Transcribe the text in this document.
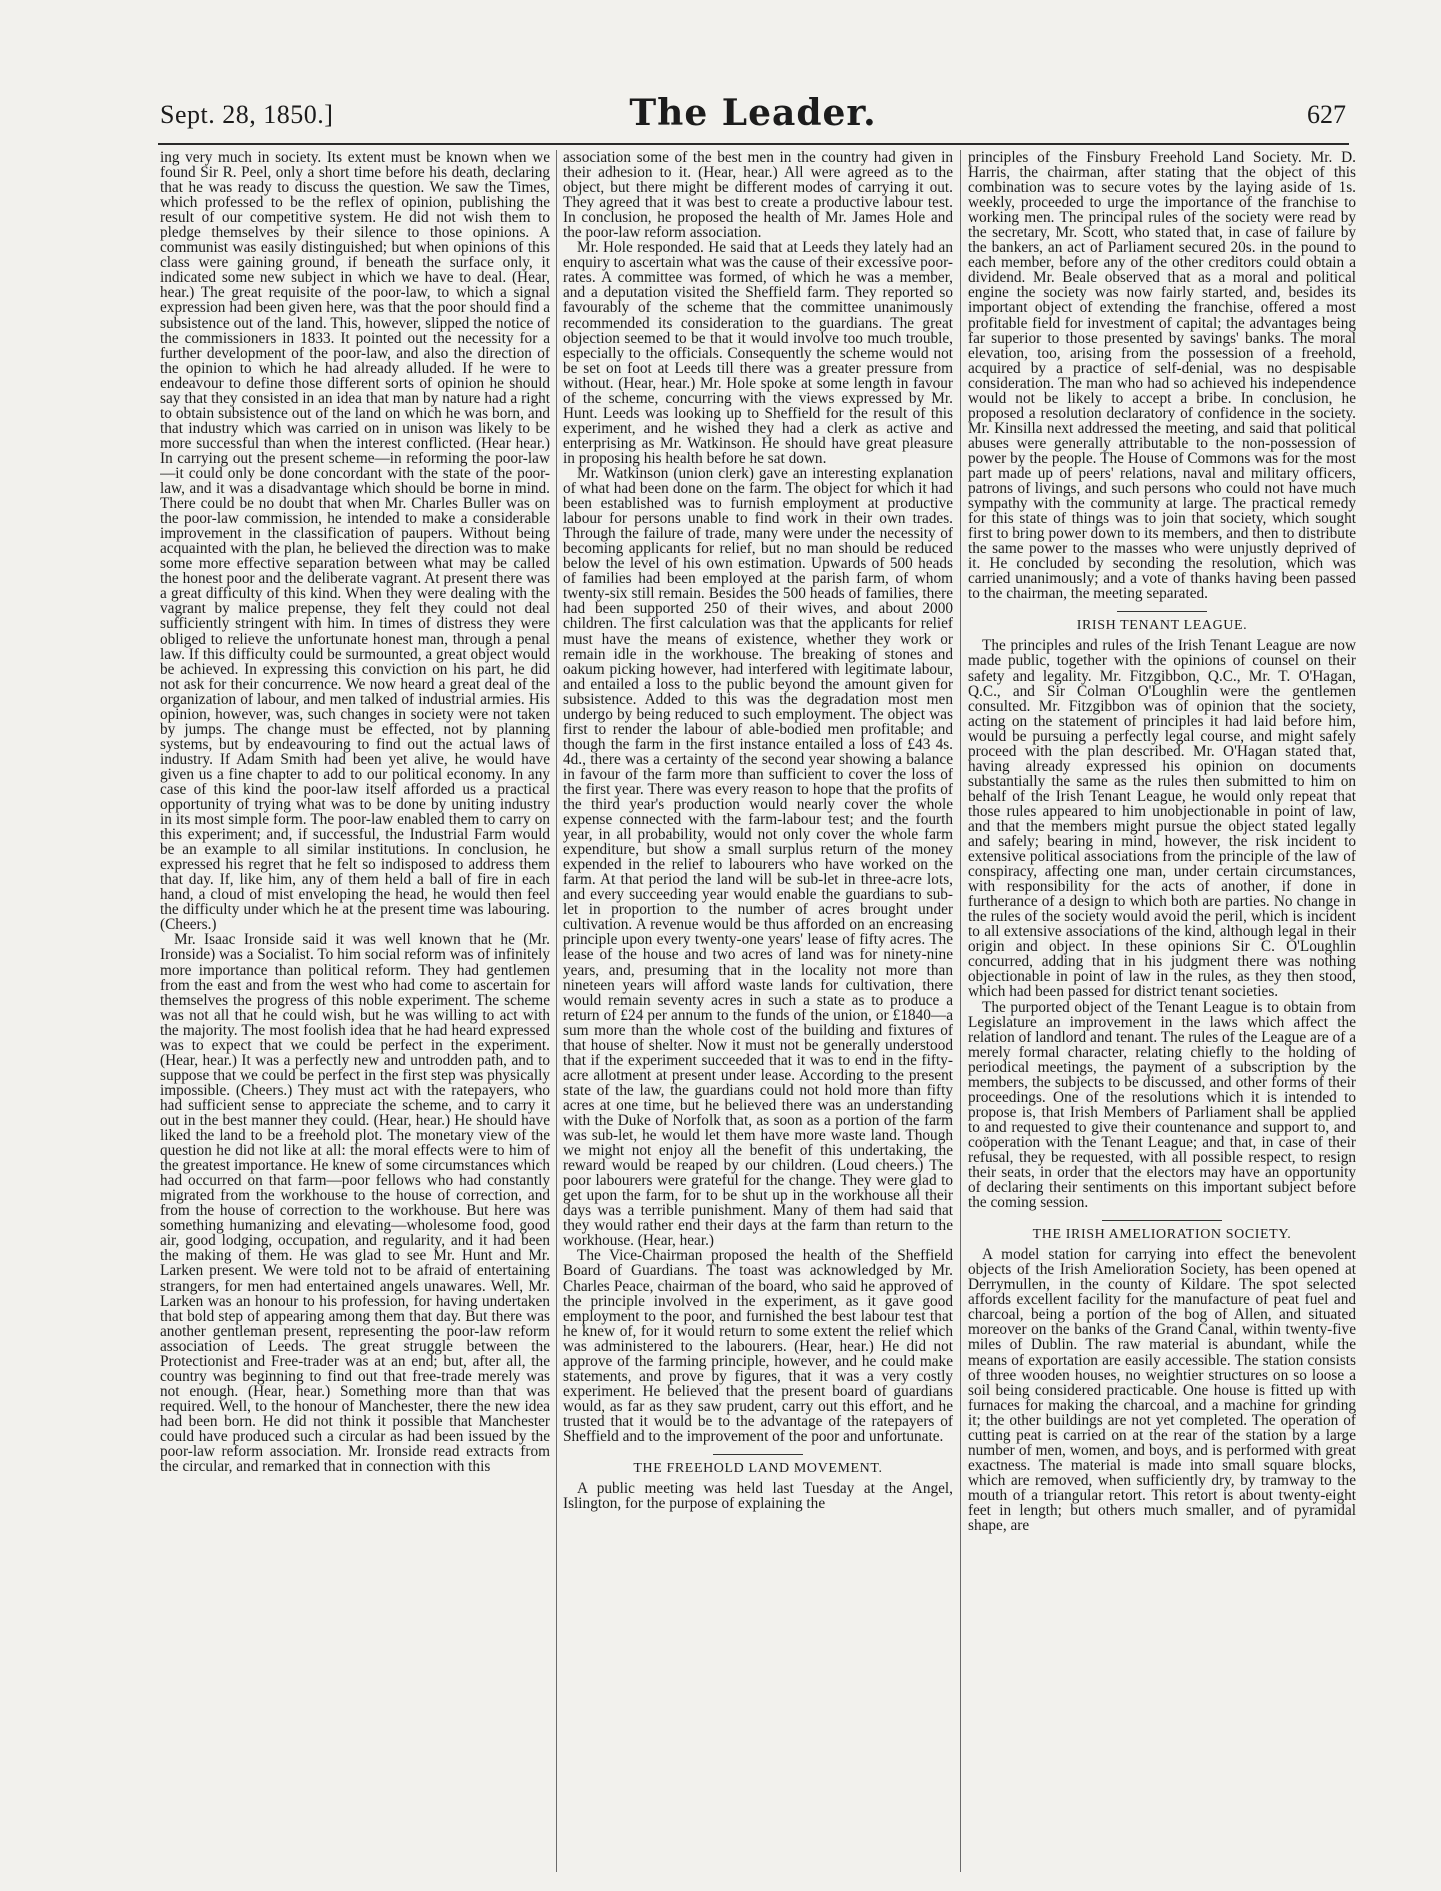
Sept. 28, 1850.]	The Leader.	627

ing very much in society. Its extent must be known when we found Sir R. Peel, only a short time before his death, declaring that he was ready to discuss the question. We saw the Times, which professed to be the reflex of opinion, publishing the result of our competitive system. He did not wish them to pledge themselves by their silence to those opinions. A communist was easily distinguished; but when opinions of this class were gaining ground, if beneath the surface only, it indicated some new subject in which we have to deal. (Hear, hear.) The great requisite of the poor-law, to which a signal expression had been given here, was that the poor should find a subsistence out of the land. This, however, slipped the notice of the commissioners in 1833. It pointed out the necessity for a further development of the poor-law, and also the direction of the opinion to which he had already alluded. If he were to endeavour to define those different sorts of opinion he should say that they consisted in an idea that man by nature had a right to obtain subsistence out of the land on which he was born, and that industry which was carried on in unison was likely to be more successful than when the interest conflicted. (Hear hear.) In carrying out the present scheme—in reforming the poor-law—it could only be done concordant with the state of the poor-law, and it was a disadvantage which should be borne in mind. There could be no doubt that when Mr. Charles Buller was on the poor-law commission, he intended to make a considerable improvement in the classification of paupers. Without being acquainted with the plan, he believed the direction was to make some more effective separation between what may be called the honest poor and the deliberate vagrant. At present there was a great difficulty of this kind. When they were dealing with the vagrant by malice prepense, they felt they could not deal sufficiently stringent with him. In times of distress they were obliged to relieve the unfortunate honest man, through a penal law. If this difficulty could be surmounted, a great object would be achieved. In expressing this conviction on his part, he did not ask for their concurrence. We now heard a great deal of the organization of labour, and men talked of industrial armies. His opinion, however, was, such changes in society were not taken by jumps. The change must be effected, not by planning systems, but by endeavouring to find out the actual laws of industry. If Adam Smith had been yet alive, he would have given us a fine chapter to add to our political economy. In any case of this kind the poor-law itself afforded us a practical opportunity of trying what was to be done by uniting industry in its most simple form. The poor-law enabled them to carry on this experiment; and, if successful, the Industrial Farm would be an example to all similar institutions. In conclusion, he expressed his regret that he felt so indisposed to address them that day. If, like him, any of them held a ball of fire in each hand, a cloud of mist enveloping the head, he would then feel the difficulty under which he at the present time was labouring. (Cheers.)

Mr. Isaac Ironside said it was well known that he (Mr. Ironside) was a Socialist. To him social reform was of infinitely more importance than political reform. They had gentlemen from the east and from the west who had come to ascertain for themselves the progress of this noble experiment. The scheme was not all that he could wish, but he was willing to act with the majority. The most foolish idea that he had heard expressed was to expect that we could be perfect in the experiment. (Hear, hear.) It was a perfectly new and untrodden path, and to suppose that we could be perfect in the first step was physically impossible. (Cheers.) They must act with the ratepayers, who had sufficient sense to appreciate the scheme, and to carry it out in the best manner they could. (Hear, hear.) He should have liked the land to be a freehold plot. The monetary view of the question he did not like at all: the moral effects were to him of the greatest importance. He knew of some circumstances which had occurred on that farm—poor fellows who had constantly migrated from the workhouse to the house of correction, and from the house of correction to the workhouse. But here was something humanizing and elevating—wholesome food, good air, good lodging, occupation, and regularity, and it had been the making of them. He was glad to see Mr. Hunt and Mr. Larken present. We were told not to be afraid of entertaining strangers, for men had entertained angels unawares. Well, Mr. Larken was an honour to his profession, for having undertaken that bold step of appearing among them that day. But there was another gentleman present, representing the poor-law reform association of Leeds. The great struggle between the Protectionist and Free-trader was at an end; but, after all, the country was beginning to find out that free-trade merely was not enough. (Hear, hear.) Something more than that was required. Well, to the honour of Manchester, there the new idea had been born. He did not think it possible that Manchester could have produced such a circular as had been issued by the poor-law reform association. Mr. Ironside read extracts from the circular, and remarked that in connection with this

association some of the best men in the country had given in their adhesion to it. (Hear, hear.) All were agreed as to the object, but there might be different modes of carrying it out. They agreed that it was best to create a productive labour test. In conclusion, he proposed the health of Mr. James Hole and the poor-law reform association.

Mr. Hole responded. He said that at Leeds they lately had an enquiry to ascertain what was the cause of their excessive poor-rates. A committee was formed, of which he was a member, and a deputation visited the Sheffield farm. They reported so favourably of the scheme that the committee unanimously recommended its consideration to the guardians. The great objection seemed to be that it would involve too much trouble, especially to the officials. Consequently the scheme would not be set on foot at Leeds till there was a greater pressure from without. (Hear, hear.) Mr. Hole spoke at some length in favour of the scheme, concurring with the views expressed by Mr. Hunt. Leeds was looking up to Sheffield for the result of this experiment, and he wished they had a clerk as active and enterprising as Mr. Watkinson. He should have great pleasure in proposing his health before he sat down.

Mr. Watkinson (union clerk) gave an interesting explanation of what had been done on the farm. The object for which it had been established was to furnish employment at productive labour for persons unable to find work in their own trades. Through the failure of trade, many were under the necessity of becoming applicants for relief, but no man should be reduced below the level of his own estimation. Upwards of 500 heads of families had been employed at the parish farm, of whom twenty-six still remain. Besides the 500 heads of families, there had been supported 250 of their wives, and about 2000 children. The first calculation was that the applicants for relief must have the means of existence, whether they work or remain idle in the workhouse. The breaking of stones and oakum picking however, had interfered with legitimate labour, and entailed a loss to the public beyond the amount given for subsistence. Added to this was the degradation most men undergo by being reduced to such employment. The object was first to render the labour of able-bodied men profitable; and though the farm in the first instance entailed a loss of £43 4s. 4d., there was a certainty of the second year showing a balance in favour of the farm more than sufficient to cover the loss of the first year. There was every reason to hope that the profits of the third year's production would nearly cover the whole expense connected with the farm-labour test; and the fourth year, in all probability, would not only cover the whole farm expenditure, but show a small surplus return of the money expended in the relief to labourers who have worked on the farm. At that period the land will be sub-let in three-acre lots, and every succeeding year would enable the guardians to sub-let in proportion to the number of acres brought under cultivation. A revenue would be thus afforded on an encreasing principle upon every twenty-one years' lease of fifty acres. The lease of the house and two acres of land was for ninety-nine years, and, presuming that in the locality not more than nineteen years will afford waste lands for cultivation, there would remain seventy acres in such a state as to produce a return of £24 per annum to the funds of the union, or £1840—a sum more than the whole cost of the building and fixtures of that house of shelter. Now it must not be generally understood that if the experiment succeeded that it was to end in the fifty-acre allotment at present under lease. According to the present state of the law, the guardians could not hold more than fifty acres at one time, but he believed there was an understanding with the Duke of Norfolk that, as soon as a portion of the farm was sub-let, he would let them have more waste land. Though we might not enjoy all the benefit of this undertaking, the reward would be reaped by our children. (Loud cheers.) The poor labourers were grateful for the change. They were glad to get upon the farm, for to be shut up in the workhouse all their days was a terrible punishment. Many of them had said that they would rather end their days at the farm than return to the workhouse. (Hear, hear.)

The Vice-Chairman proposed the health of the Sheffield Board of Guardians. The toast was acknowledged by Mr. Charles Peace, chairman of the board, who said he approved of the principle involved in the experiment, as it gave good employment to the poor, and furnished the best labour test that he knew of, for it would return to some extent the relief which was administered to the labourers. (Hear, hear.) He did not approve of the farming principle, however, and he could make statements, and prove by figures, that it was a very costly experiment. He believed that the present board of guardians would, as far as they saw prudent, carry out this effort, and he trusted that it would be to the advantage of the ratepayers of Sheffield and to the improvement of the poor and unfortunate.

THE FREEHOLD LAND MOVEMENT.

A public meeting was held last Tuesday at the Angel, Islington, for the purpose of explaining the

principles of the Finsbury Freehold Land Society. Mr. D. Harris, the chairman, after stating that the object of this combination was to secure votes by the laying aside of 1s. weekly, proceeded to urge the importance of the franchise to working men. The principal rules of the society were read by the secretary, Mr. Scott, who stated that, in case of failure by the bankers, an act of Parliament secured 20s. in the pound to each member, before any of the other creditors could obtain a dividend. Mr. Beale observed that as a moral and political engine the society was now fairly started, and, besides its important object of extending the franchise, offered a most profitable field for investment of capital; the advantages being far superior to those presented by savings' banks. The moral elevation, too, arising from the possession of a freehold, acquired by a practice of self-denial, was no despisable consideration. The man who had so achieved his independence would not be likely to accept a bribe. In conclusion, he proposed a resolution declaratory of confidence in the society. Mr. Kinsilla next addressed the meeting, and said that political abuses were generally attributable to the non-possession of power by the people. The House of Commons was for the most part made up of peers' relations, naval and military officers, patrons of livings, and such persons who could not have much sympathy with the community at large. The practical remedy for this state of things was to join that society, which sought first to bring power down to its members, and then to distribute the same power to the masses who were unjustly deprived of it. He concluded by seconding the resolution, which was carried unanimously; and a vote of thanks having been passed to the chairman, the meeting separated.

IRISH TENANT LEAGUE.

The principles and rules of the Irish Tenant League are now made public, together with the opinions of counsel on their safety and legality. Mr. Fitzgibbon, Q.C., Mr. T. O'Hagan, Q.C., and Sir Colman O'Loughlin were the gentlemen consulted. Mr. Fitzgibbon was of opinion that the society, acting on the statement of principles it had laid before him, would be pursuing a perfectly legal course, and might safely proceed with the plan described. Mr. O'Hagan stated that, having already expressed his opinion on documents substantially the same as the rules then submitted to him on behalf of the Irish Tenant League, he would only repeat that those rules appeared to him unobjectionable in point of law, and that the members might pursue the object stated legally and safely; bearing in mind, however, the risk incident to extensive political associations from the principle of the law of conspiracy, affecting one man, under certain circumstances, with responsibility for the acts of another, if done in furtherance of a design to which both are parties. No change in the rules of the society would avoid the peril, which is incident to all extensive associations of the kind, although legal in their origin and object. In these opinions Sir C. O'Loughlin concurred, adding that in his judgment there was nothing objectionable in point of law in the rules, as they then stood, which had been passed for district tenant societies.

The purported object of the Tenant League is to obtain from Legislature an improvement in the laws which affect the relation of landlord and tenant. The rules of the League are of a merely formal character, relating chiefly to the holding of periodical meetings, the payment of a subscription by the members, the subjects to be discussed, and other forms of their proceedings. One of the resolutions which it is intended to propose is, that Irish Members of Parliament shall be applied to and requested to give their countenance and support to, and coöperation with the Tenant League; and that, in case of their refusal, they be requested, with all possible respect, to resign their seats, in order that the electors may have an opportunity of declaring their sentiments on this important subject before the coming session.

THE IRISH AMELIORATION SOCIETY.

A model station for carrying into effect the benevolent objects of the Irish Amelioration Society, has been opened at Derrymullen, in the county of Kildare. The spot selected affords excellent facility for the manufacture of peat fuel and charcoal, being a portion of the bog of Allen, and situated moreover on the banks of the Grand Canal, within twenty-five miles of Dublin. The raw material is abundant, while the means of exportation are easily accessible. The station consists of three wooden houses, no weightier structures on so loose a soil being considered practicable. One house is fitted up with furnaces for making the charcoal, and a machine for grinding it; the other buildings are not yet completed. The operation of cutting peat is carried on at the rear of the station by a large number of men, women, and boys, and is performed with great exactness. The material is made into small square blocks, which are removed, when sufficiently dry, by tramway to the mouth of a triangular retort. This retort is about twenty-eight feet in length; but others much smaller, and of pyramidal shape, are
